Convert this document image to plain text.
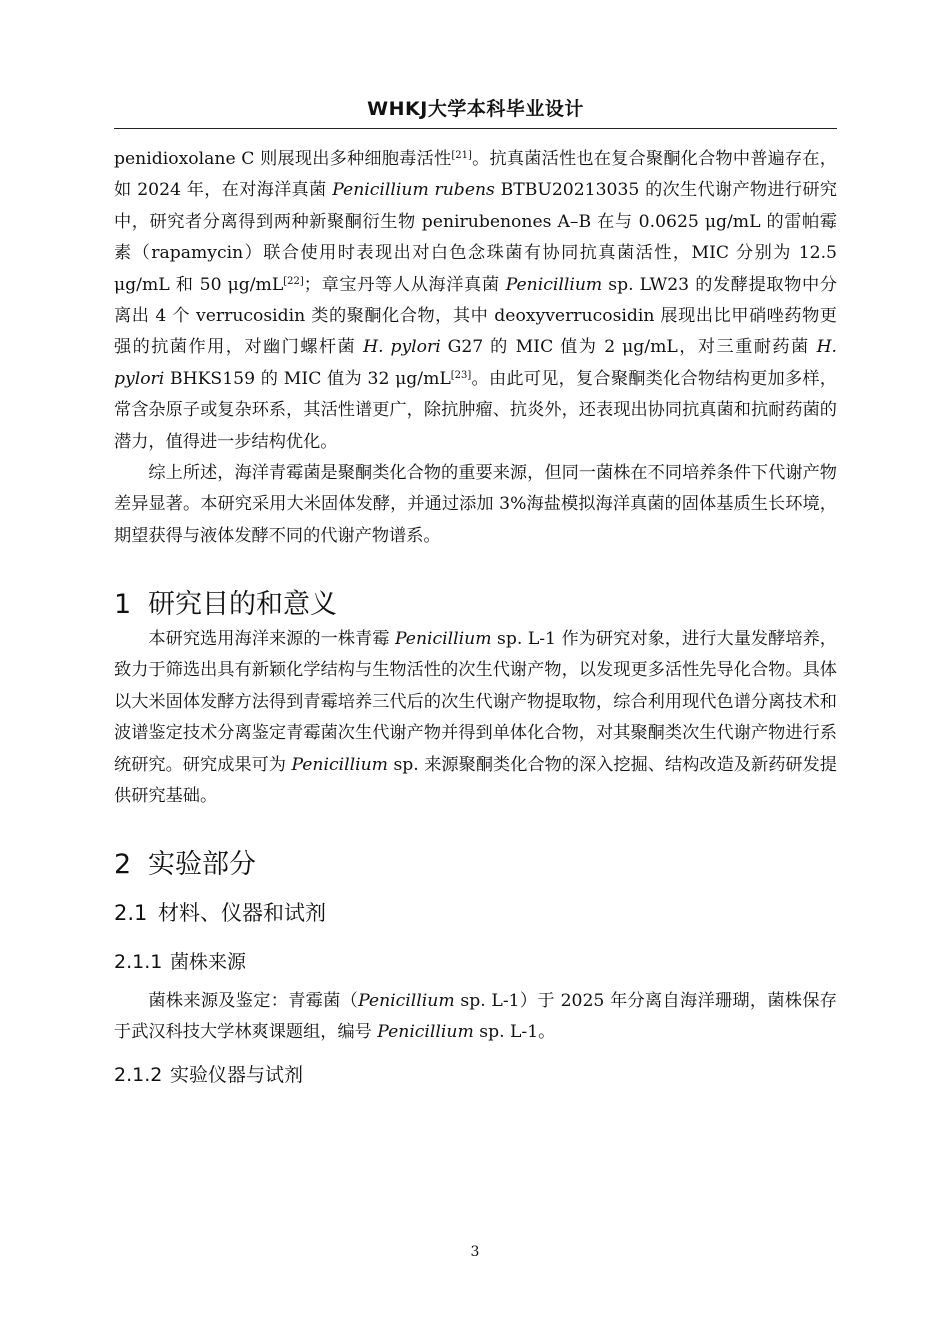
WHKJ大学本科毕业设计

penidioxolane C 则展现出多种细胞毒活性[21]。抗真菌活性也在复合聚酮化合物中普遍存在，如 2024 年，在对海洋真菌 Penicillium rubens BTBU20213035 的次生代谢产物进行研究中，研究者分离得到两种新聚酮衍生物 penirubenones A–B 在与 0.0625 μg/mL 的雷帕霉素（rapamycin）联合使用时表现出对白色念珠菌有协同抗真菌活性，MIC 分别为 12.5 μg/mL 和 50 μg/mL[22]；章宝丹等人从海洋真菌 Penicillium sp. LW23 的发酵提取物中分离出 4 个 verrucosidin 类的聚酮化合物，其中 deoxyverrucosidin 展现出比甲硝唑药物更强的抗菌作用，对幽门螺杆菌 H. pylori G27 的 MIC 值为 2 μg/mL，对三重耐药菌 H. pylori BHKS159 的 MIC 值为 32 μg/mL[23]。由此可见，复合聚酮类化合物结构更加多样，常含杂原子或复杂环系，其活性谱更广，除抗肿瘤、抗炎外，还表现出协同抗真菌和抗耐药菌的潜力，值得进一步结构优化。

综上所述，海洋青霉菌是聚酮类化合物的重要来源，但同一菌株在不同培养条件下代谢产物差异显著。本研究采用大米固体发酵，并通过添加 3%海盐模拟海洋真菌的固体基质生长环境，期望获得与液体发酵不同的代谢产物谱系。

1 研究目的和意义

本研究选用海洋来源的一株青霉 Penicillium sp. L-1 作为研究对象，进行大量发酵培养，致力于筛选出具有新颖化学结构与生物活性的次生代谢产物，以发现更多活性先导化合物。具体以大米固体发酵方法得到青霉培养三代后的次生代谢产物提取物，综合利用现代色谱分离技术和波谱鉴定技术分离鉴定青霉菌次生代谢产物并得到单体化合物，对其聚酮类次生代谢产物进行系统研究。研究成果可为 Penicillium sp. 来源聚酮类化合物的深入挖掘、结构改造及新药研发提供研究基础。

2 实验部分
2.1 材料、仪器和试剂
2.1.1 菌株来源

菌株来源及鉴定：青霉菌（Penicillium sp. L-1）于 2025 年分离自海洋珊瑚，菌株保存于武汉科技大学林爽课题组，编号 Penicillium sp. L-1。

2.1.2 实验仪器与试剂
3
